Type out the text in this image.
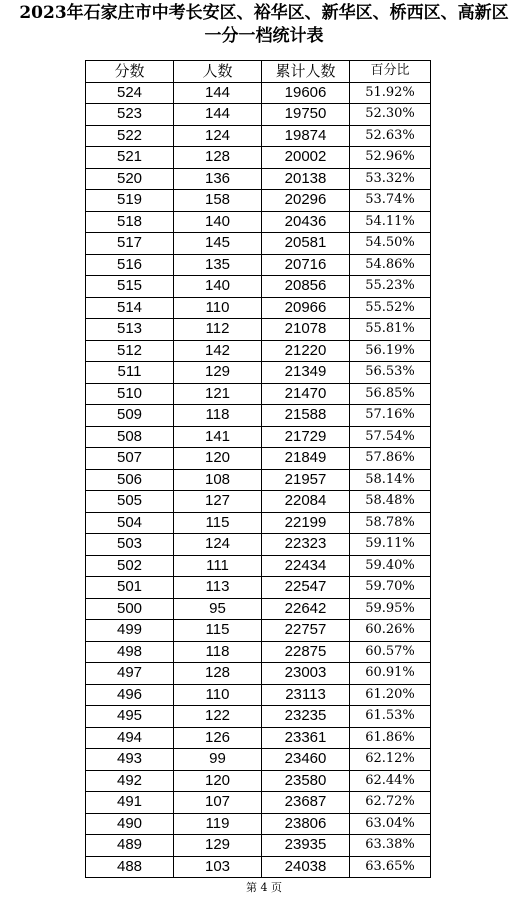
2023年石家庄市中考长安区、裕华区、新华区、桥西区、高新区
一分一档统计表
分数	人数	累计人数	百分比
524	144	19606	51.92%
523	144	19750	52.30%
522	124	19874	52.63%
521	128	20002	52.96%
520	136	20138	53.32%
519	158	20296	53.74%
518	140	20436	54.11%
517	145	20581	54.50%
516	135	20716	54.86%
515	140	20856	55.23%
514	110	20966	55.52%
513	112	21078	55.81%
512	142	21220	56.19%
511	129	21349	56.53%
510	121	21470	56.85%
509	118	21588	57.16%
508	141	21729	57.54%
507	120	21849	57.86%
506	108	21957	58.14%
505	127	22084	58.48%
504	115	22199	58.78%
503	124	22323	59.11%
502	111	22434	59.40%
501	113	22547	59.70%
500	95	22642	59.95%
499	115	22757	60.26%
498	118	22875	60.57%
497	128	23003	60.91%
496	110	23113	61.20%
495	122	23235	61.53%
494	126	23361	61.86%
493	99	23460	62.12%
492	120	23580	62.44%
491	107	23687	62.72%
490	119	23806	63.04%
489	129	23935	63.38%
488	103	24038	63.65%
第 4 页
